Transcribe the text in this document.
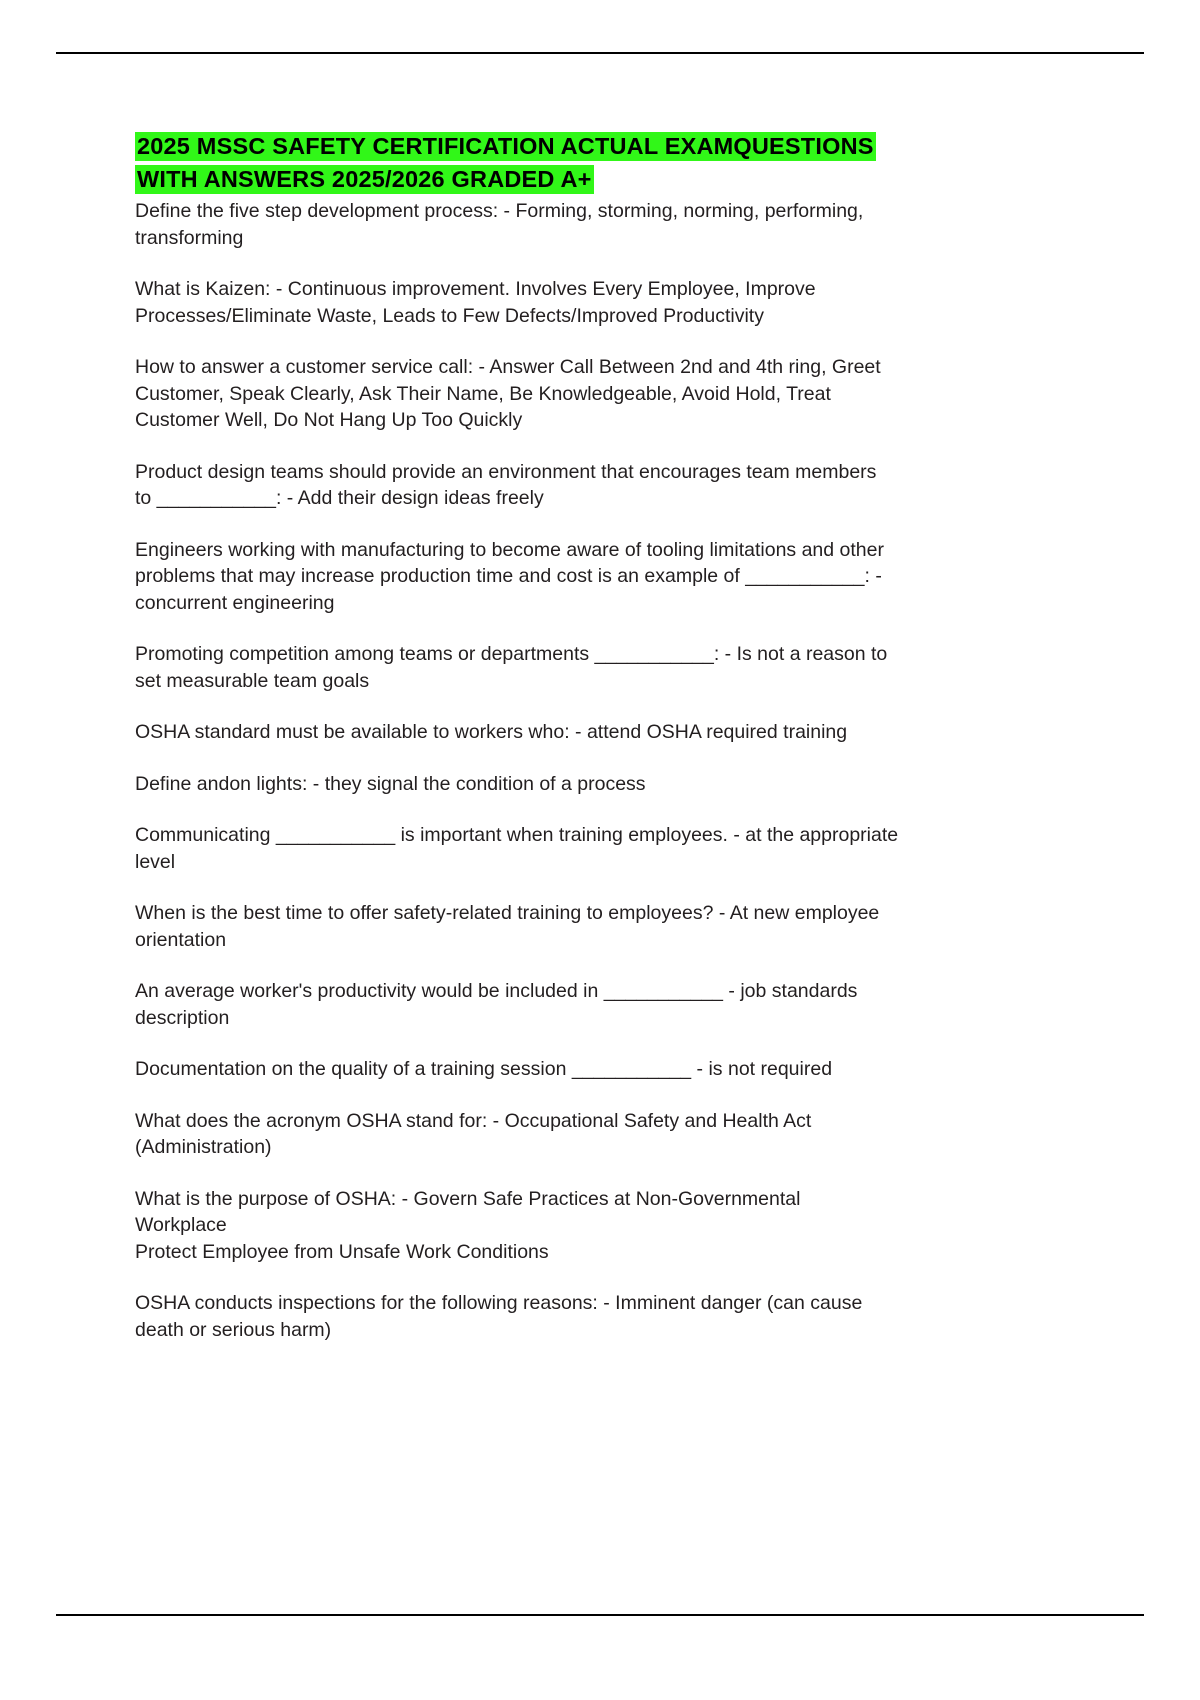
2025 MSSC SAFETY CERTIFICATION ACTUAL EXAMQUESTIONS
WITH ANSWERS 2025/2026 GRADED A+
Define the five step development process: - Forming, storming, norming, performing,
transforming
What is Kaizen: - Continuous improvement. Involves Every Employee, Improve
Processes/Eliminate Waste, Leads to Few Defects/Improved Productivity
How to answer a customer service call: - Answer Call Between 2nd and 4th ring, Greet
Customer, Speak Clearly, Ask Their Name, Be Knowledgeable, Avoid Hold, Treat
Customer Well, Do Not Hang Up Too Quickly
Product design teams should provide an environment that encourages team members
to ___________: - Add their design ideas freely
Engineers working with manufacturing to become aware of tooling limitations and other
problems that may increase production time and cost is an example of ___________: -
concurrent engineering
Promoting competition among teams or departments ___________: - Is not a reason to
set measurable team goals
OSHA standard must be available to workers who: - attend OSHA required training
Define andon lights: - they signal the condition of a process
Communicating ___________ is important when training employees. - at the appropriate
level
When is the best time to offer safety-related training to employees? - At new employee
orientation
An average worker's productivity would be included in ___________ - job standards
description
Documentation on the quality of a training session ___________ - is not required
What does the acronym OSHA stand for: - Occupational Safety and Health Act
(Administration)
What is the purpose of OSHA: - Govern Safe Practices at Non-Governmental
Workplace
Protect Employee from Unsafe Work Conditions
OSHA conducts inspections for the following reasons: - Imminent danger (can cause
death or serious harm)
